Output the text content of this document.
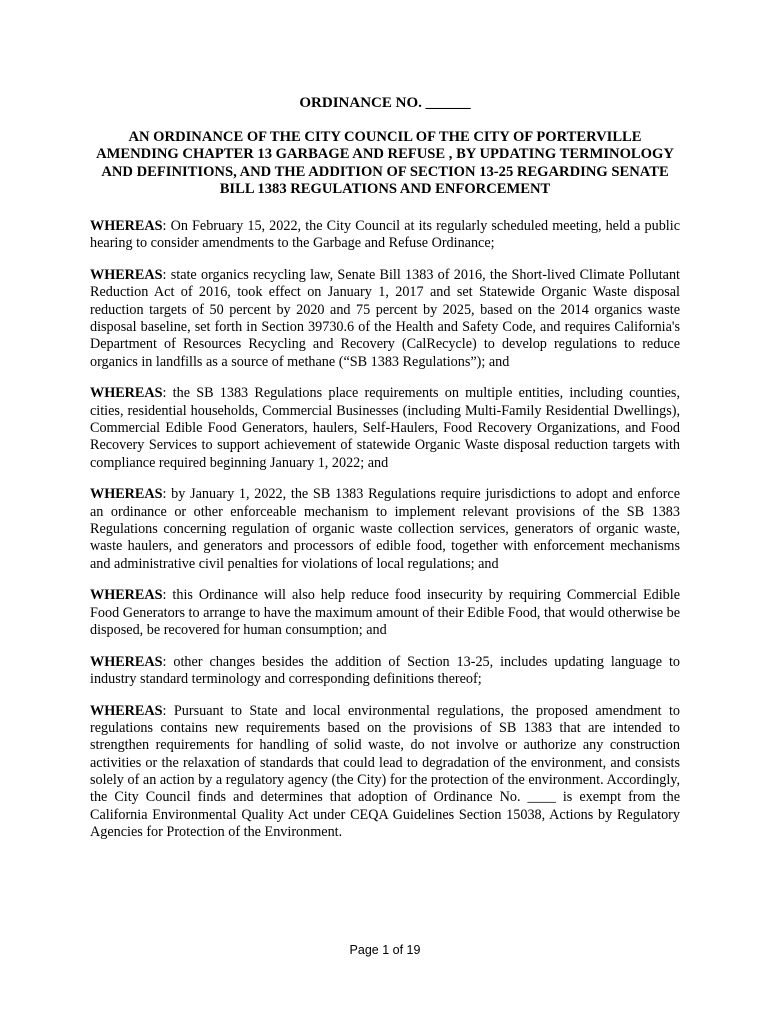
ORDINANCE NO. ______
AN ORDINANCE OF THE CITY COUNCIL OF THE CITY OF PORTERVILLE AMENDING CHAPTER 13 GARBAGE AND REFUSE , BY UPDATING TERMINOLOGY AND DEFINITIONS, AND THE ADDITION OF SECTION 13-25 REGARDING SENATE BILL 1383 REGULATIONS AND ENFORCEMENT

WHEREAS: On February 15, 2022, the City Council at its regularly scheduled meeting, held a public hearing to consider amendments to the Garbage and Refuse Ordinance;

WHEREAS: state organics recycling law, Senate Bill 1383 of 2016, the Short-lived Climate Pollutant Reduction Act of 2016, took effect on January 1, 2017 and set Statewide Organic Waste disposal reduction targets of 50 percent by 2020 and 75 percent by 2025, based on the 2014 organics waste disposal baseline, set forth in Section 39730.6 of the Health and Safety Code, and requires California's Department of Resources Recycling and Recovery (CalRecycle) to develop regulations to reduce organics in landfills as a source of methane (“SB 1383 Regulations”); and

WHEREAS: the SB 1383 Regulations place requirements on multiple entities, including counties, cities, residential households, Commercial Businesses (including Multi-Family Residential Dwellings), Commercial Edible Food Generators, haulers, Self-Haulers, Food Recovery Organizations, and Food Recovery Services to support achievement of statewide Organic Waste disposal reduction targets with compliance required beginning January 1, 2022; and

WHEREAS: by January 1, 2022, the SB 1383 Regulations require jurisdictions to adopt and enforce an ordinance or other enforceable mechanism to implement relevant provisions of the SB 1383 Regulations concerning regulation of organic waste collection services, generators of organic waste, waste haulers, and generators and processors of edible food, together with enforcement mechanisms and administrative civil penalties for violations of local regulations; and

WHEREAS: this Ordinance will also help reduce food insecurity by requiring Commercial Edible Food Generators to arrange to have the maximum amount of their Edible Food, that would otherwise be disposed, be recovered for human consumption; and

WHEREAS: other changes besides the addition of Section 13-25, includes updating language to industry standard terminology and corresponding definitions thereof;

WHEREAS: Pursuant to State and local environmental regulations, the proposed amendment to regulations contains new requirements based on the provisions of SB 1383 that are intended to strengthen requirements for handling of solid waste, do not involve or authorize any construction activities or the relaxation of standards that could lead to degradation of the environment, and consists solely of an action by a regulatory agency (the City) for the protection of the environment. Accordingly, the City Council finds and determines that adoption of Ordinance No. ____ is exempt from the California Environmental Quality Act under CEQA Guidelines Section 15038, Actions by Regulatory Agencies for Protection of the Environment.

Page 1 of 19
